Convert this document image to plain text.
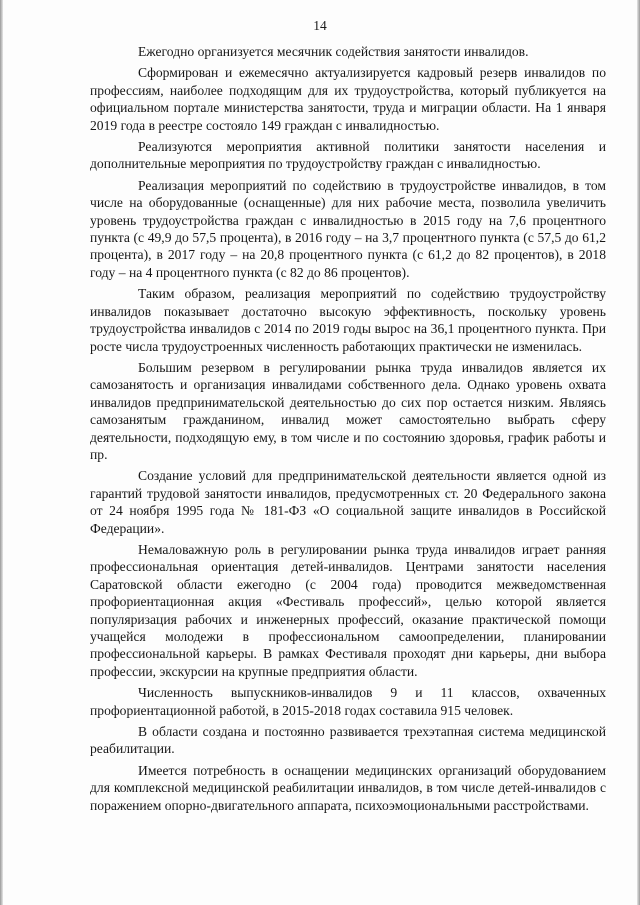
14

Ежегодно организуется месячник содействия занятости инвалидов.

Сформирован и ежемесячно актуализируется кадровый резерв инвалидов по профессиям, наиболее подходящим для их трудоустройства, который публикуется на официальном портале министерства занятости, труда и миграции области. На 1 января 2019 года в реестре состояло 149 граждан с инвалидностью.

Реализуются мероприятия активной политики занятости населения и дополнительные мероприятия по трудоустройству граждан с инвалидностью.

Реализация мероприятий по содействию в трудоустройстве инвалидов, в том числе на оборудованные (оснащенные) для них рабочие места, позволила увеличить уровень трудоустройства граждан с инвалидностью в 2015 году на 7,6 процентного пункта (с 49,9 до 57,5 процента), в 2016 году – на 3,7 процентного пункта (с 57,5 до 61,2 процента), в 2017 году – на 20,8 процентного пункта (с 61,2 до 82 процентов), в 2018 году – на 4 процентного пункта (с 82 до 86 процентов).

Таким образом, реализация мероприятий по содействию трудоустройству инвалидов показывает достаточно высокую эффективность, поскольку уровень трудоустройства инвалидов с 2014 по 2019 годы вырос на 36,1 процентного пункта. При росте числа трудоустроенных численность работающих практически не изменилась.

Большим резервом в регулировании рынка труда инвалидов является их самозанятость и организация инвалидами собственного дела. Однако уровень охвата инвалидов предпринимательской деятельностью до сих пор остается низким. Являясь самозанятым гражданином, инвалид может самостоятельно выбрать сферу деятельности, подходящую ему, в том числе и по состоянию здоровья, график работы и пр.

Создание условий для предпринимательской деятельности является одной из гарантий трудовой занятости инвалидов, предусмотренных ст. 20 Федерального закона от 24 ноября 1995 года № 181-ФЗ «О социальной защите инвалидов в Российской Федерации».

Немаловажную роль в регулировании рынка труда инвалидов играет ранняя профессиональная ориентация детей-инвалидов. Центрами занятости населения Саратовской области ежегодно (с 2004 года) проводится межведомственная профориентационная акция «Фестиваль профессий», целью которой является популяризация рабочих и инженерных профессий, оказание практической помощи учащейся молодежи в профессиональном самоопределении, планировании профессиональной карьеры. В рамках Фестиваля проходят дни карьеры, дни выбора профессии, экскурсии на крупные предприятия области.

Численность выпускников-инвалидов 9 и 11 классов, охваченных профориентационной работой, в 2015-2018 годах составила 915 человек.

В области создана и постоянно развивается трехэтапная система медицинской реабилитации.

Имеется потребность в оснащении медицинских организаций оборудованием для комплексной медицинской реабилитации инвалидов, в том числе детей-инвалидов с поражением опорно-двигательного аппарата, психоэмоциональными расстройствами.
